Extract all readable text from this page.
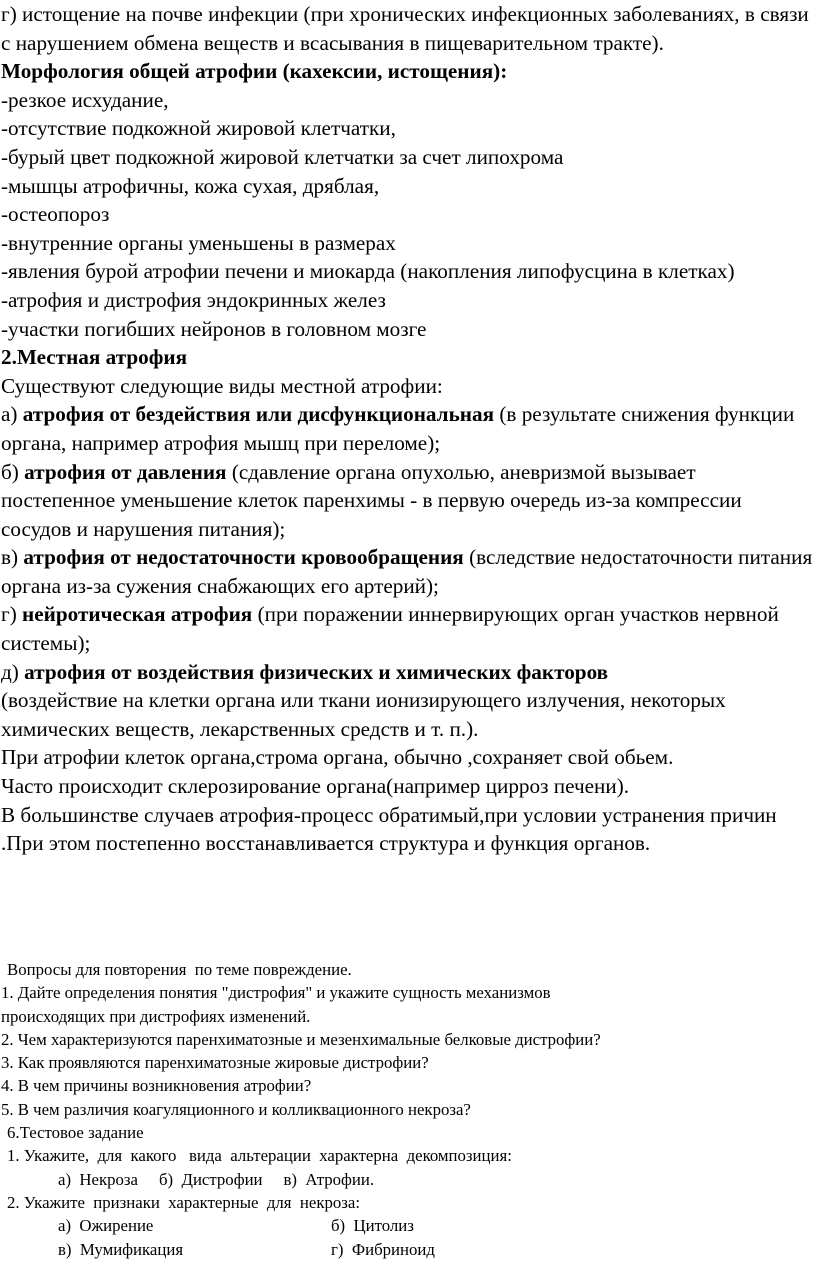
г) истощение на почве инфекции (при хронических инфекционных заболеваниях, в связи с нарушением обмена веществ и всасывания в пищеварительном тракте).

Морфология общей атрофии (кахексии, истощения):

-резкое исхудание,

-отсутствие подкожной жировой клетчатки,

-бурый цвет подкожной жировой клетчатки за счет липохрома

-мышцы атрофичны, кожа сухая, дряблая,

-остеопороз

-внутренние органы уменьшены в размерах

-явления бурой атрофии печени и миокарда (накопления липофусцина в клетках)

-атрофия и дистрофия эндокринных желез

-участки погибших нейронов в головном мозге

2.Местная атрофия

Существуют следующие виды местной атрофии:

а) атрофия от бездействия или дисфункциональная (в результате снижения функции органа, например атрофия мышц при переломе);

б) атрофия от давления (сдавление органа опухолью, аневризмой вызывает постепенное уменьшение клеток паренхимы - в первую очередь из-за компрессии сосудов и нарушения питания);

в) атрофия от недостаточности кровообращения (вследствие недостаточности питания органа из-за сужения снабжающих его артерий);

г) нейротическая атрофия (при поражении иннервирующих орган участков нервной системы);

д) атрофия от воздействия физических и химических факторов
(воздействие на клетки органа или ткани ионизирующего излучения, некоторых химических веществ, лекарственных средств и т. п.).

При атрофии клеток органа,строма органа, обычно ,сохраняет свой обьем.

Часто происходит склерозирование органа(например цирроз печени).

В большинстве случаев атрофия-процесс обратимый,при условии устранения причин .При этом постепенно восстанавливается структура и функция органов.

Вопросы для повторения  по теме повреждение.

1. Дайте определения понятия "дистрофия" и укажите сущность механизмов

происходящих при дистрофиях изменений.

2. Чем характеризуются паренхиматозные и мезенхимальные белковые дистрофии?

3. Как проявляются паренхиматозные жировые дистрофии?

4. В чем причины возникновения атрофии?

5. В чем различия коагуляционного и колликвационного некроза?

6.Тестовое задание

1. Укажите,  для  какого   вида  альтерации  характерна  декомпозиция:

а)  Некроза     б)  Дистрофии     в)  Атрофии.

2. Укажите  признаки  характерные  для  некроза:

а)  Ожирение	б)  Цитолиз

в)  Мумификация	г)  Фибриноид
